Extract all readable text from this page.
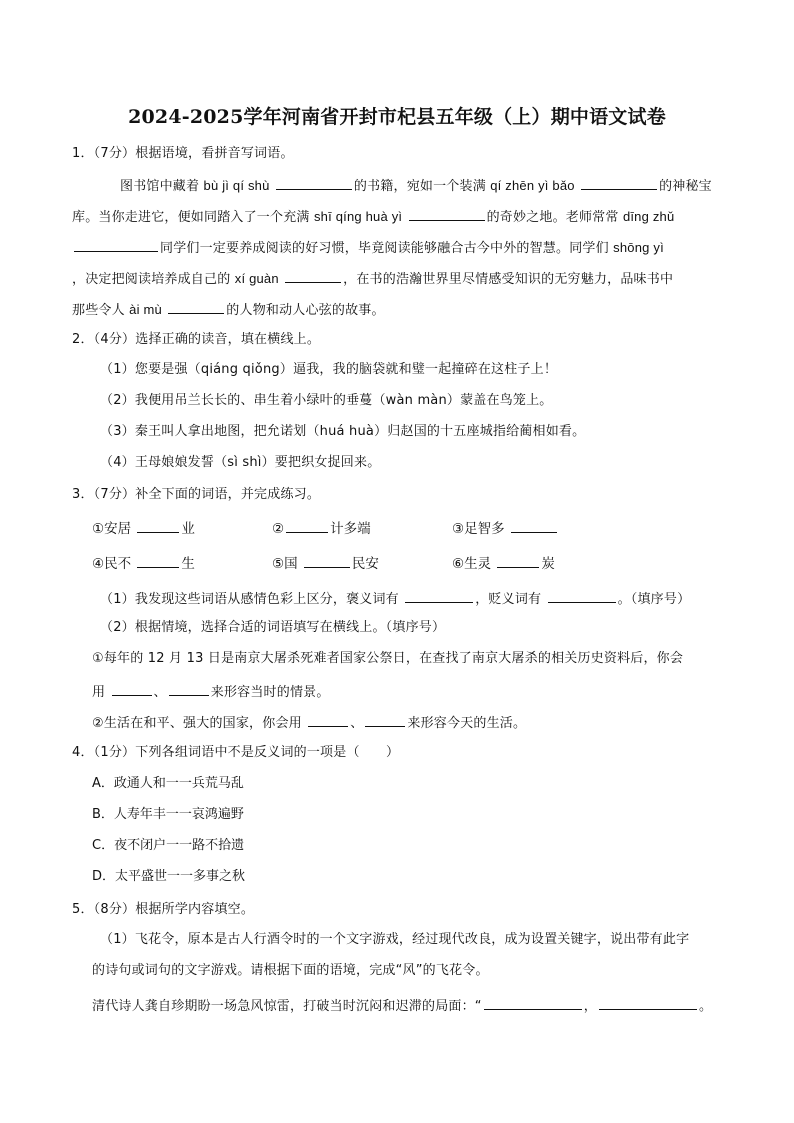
2024-2025学年河南省开封市杞县五年级（上）期中语文试卷
1．（7分）根据语境，看拼音写词语。
图书馆中藏着 bù jì qí shù	的书籍，宛如一个装满 qí zhēn yì bǎo	的神秘宝
库。当你走进它，便如同踏入了一个充满 shī qíng huà yì	的奇妙之地。老师常常 dīng zhǔ
同学们一定要养成阅读的好习惯，毕竟阅读能够融合古今中外的智慧。同学们 shōng yì
，决定把阅读培养成自己的 xí guàn	，在书的浩瀚世界里尽情感受知识的无穷魅力，品味书中
那些令人 ài mù	的人物和动人心弦的故事。
2．（4分）选择正确的读音，填在横线上。
（1）您要是强（qiáng qiǒng）逼我，我的脑袋就和璧一起撞碎在这柱子上！
（2）我便用吊兰长长的、串生着小绿叶的垂蔓（wàn màn）蒙盖在鸟笼上。
（3）秦王叫人拿出地图，把允诺划（huá huà）归赵国的十五座城指给蔺相如看。
（4）王母娘娘发誓（sì shì）要把织女捉回来。
3．（7分）补全下面的词语，并完成练习。
①安居	业	②	计多端	③足智多
④民不	生	⑤国	民安	⑥生灵	炭
（1）我发现这些词语从感情色彩上区分，褒义词有	，贬义词有	。（填序号）
（2）根据情境，选择合适的词语填写在横线上。（填序号）
①每年的 12 月 13 日是南京大屠杀死难者国家公祭日，在查找了南京大屠杀的相关历史资料后，你会
用	、	来形容当时的情景。
②生活在和平、强大的国家，你会用	、	来形容今天的生活。
4．（1分）下列各组词语中不是反义词的一项是（　　）
A．政通人和一一兵荒马乱
B．人寿年丰一一哀鸿遍野
C．夜不闭户一一路不拾遗
D．太平盛世一一多事之秋
5．（8分）根据所学内容填空。
（1）飞花令，原本是古人行酒令时的一个文字游戏，经过现代改良，成为设置关键字，说出带有此字
的诗句或词句的文字游戏。请根据下面的语境，完成“风”的飞花令。
清代诗人龚自珍期盼一场急风惊雷，打破当时沉闷和迟滞的局面：“	，	。
